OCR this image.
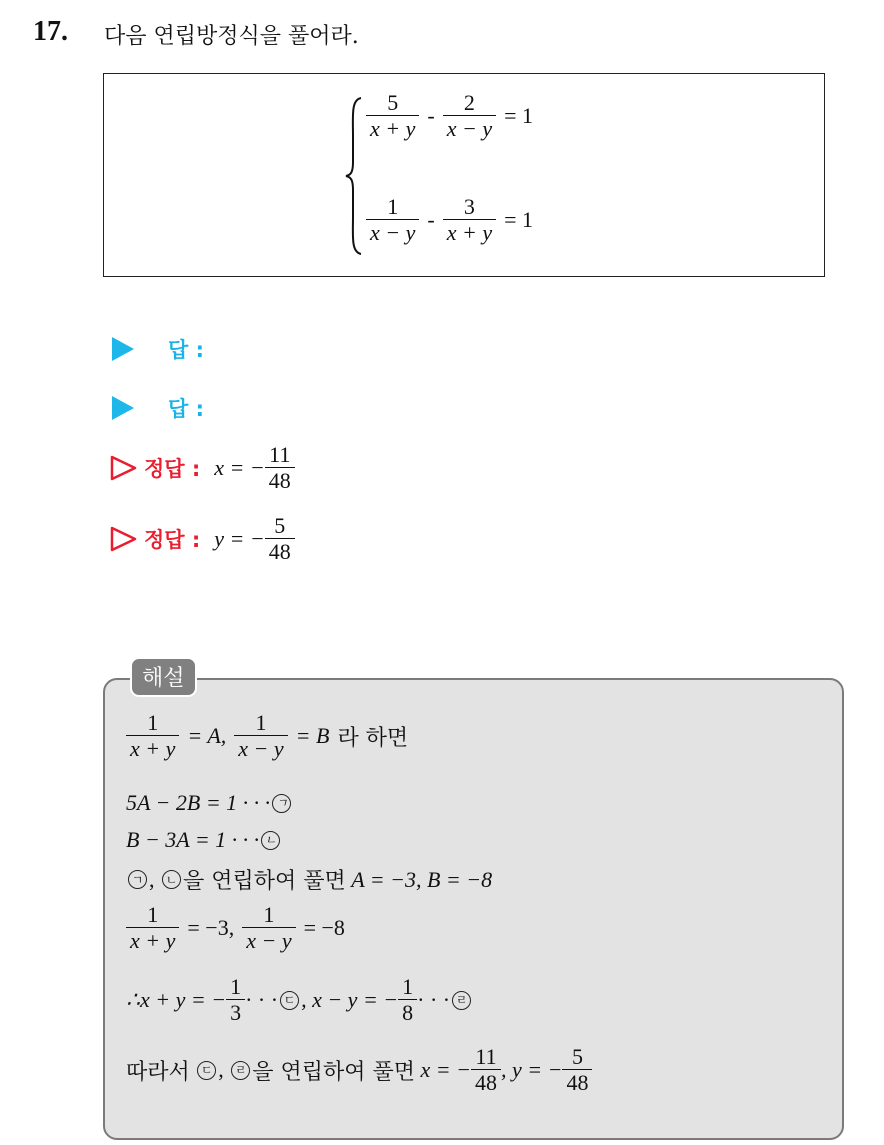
17. 다음 연립방정식을 풀어라.
$\frac{5}{x + y} - \frac{2}{x - y} = 1$
$\frac{1}{x - y} - \frac{3}{x + y} = 1$
답 :
답 :
정답 : x = − $\frac{11}{48}$
정답 : y = − $\frac{5}{48}$
해설
$\frac{1}{x + y} = A$, $\frac{1}{x - y} = B$ 라 하면
5A − 2B = 1 · · · ㄱ
B − 3A = 1 · · · ㄴ
ㄱ ,
ㄴ 을 연립하여 풀면
A = −3, B = −8
$\frac{1}{x + y} = -3$, $\frac{1}{x - y} = -8$
∴x + y = − $\frac{1}{3}$ · · · ㄷ , x − y = − $\frac{1}{8}$ · · · ㄹ
따라서
ㄷ ,
ㄹ 을 연립하여 풀면
x = − $\frac{11}{48}$ , y = − $\frac{5}{48}$
